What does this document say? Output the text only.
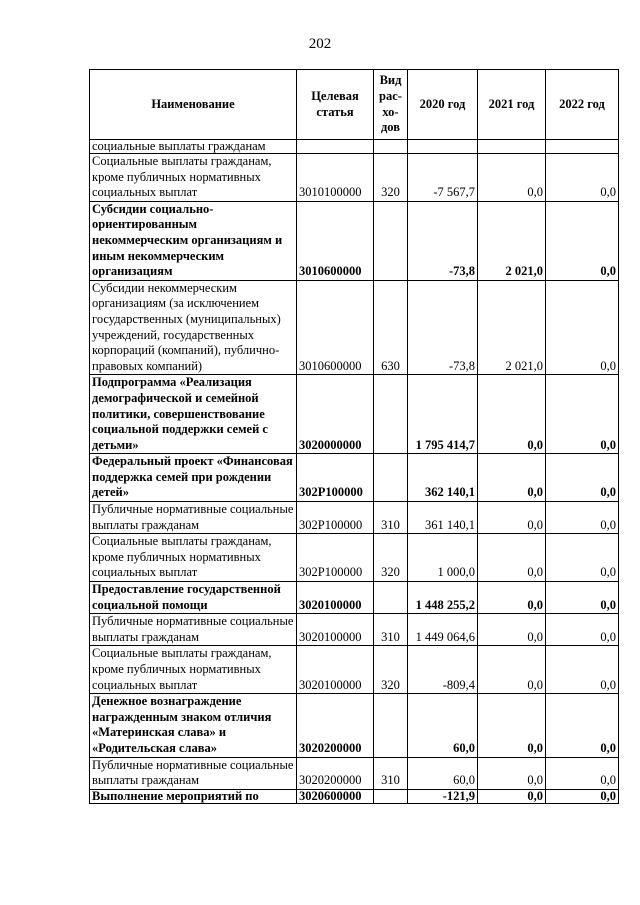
202
Наименование	Целевая статья	Вид рас-хо-дов	2020 год	2021 год	2022 год
социальные выплаты гражданам					
Социальные выплаты гражданам, кроме публичных нормативных социальных выплат	3010100000	320	-7 567,7	0,0	0,0
Субсидии социально-ориентированным некоммерческим организациям и иным некоммерческим организациям	3010600000		-73,8	2 021,0	0,0
Субсидии некоммерческим организациям (за исключением государственных (муниципальных) учреждений, государственных корпораций (компаний), публично-правовых компаний)	3010600000	630	-73,8	2 021,0	0,0
Подпрограмма «Реализация демографической и семейной политики, совершенствование социальной поддержки семей с детьми»	3020000000		1 795 414,7	0,0	0,0
Федеральный проект «Финансовая поддержка семей при рождении детей»	302P100000		362 140,1	0,0	0,0
Публичные нормативные социальные выплаты гражданам	302P100000	310	361 140,1	0,0	0,0
Социальные выплаты гражданам, кроме публичных нормативных социальных выплат	302P100000	320	1 000,0	0,0	0,0
Предоставление государственной социальной помощи	3020100000		1 448 255,2	0,0	0,0
Публичные нормативные социальные выплаты гражданам	3020100000	310	1 449 064,6	0,0	0,0
Социальные выплаты гражданам, кроме публичных нормативных социальных выплат	3020100000	320	-809,4	0,0	0,0
Денежное вознаграждение награжденным знаком отличия «Материнская слава» и «Родительская слава»	3020200000		60,0	0,0	0,0
Публичные нормативные социальные выплаты гражданам	3020200000	310	60,0	0,0	0,0
Выполнение мероприятий по	3020600000		-121,9	0,0	0,0
